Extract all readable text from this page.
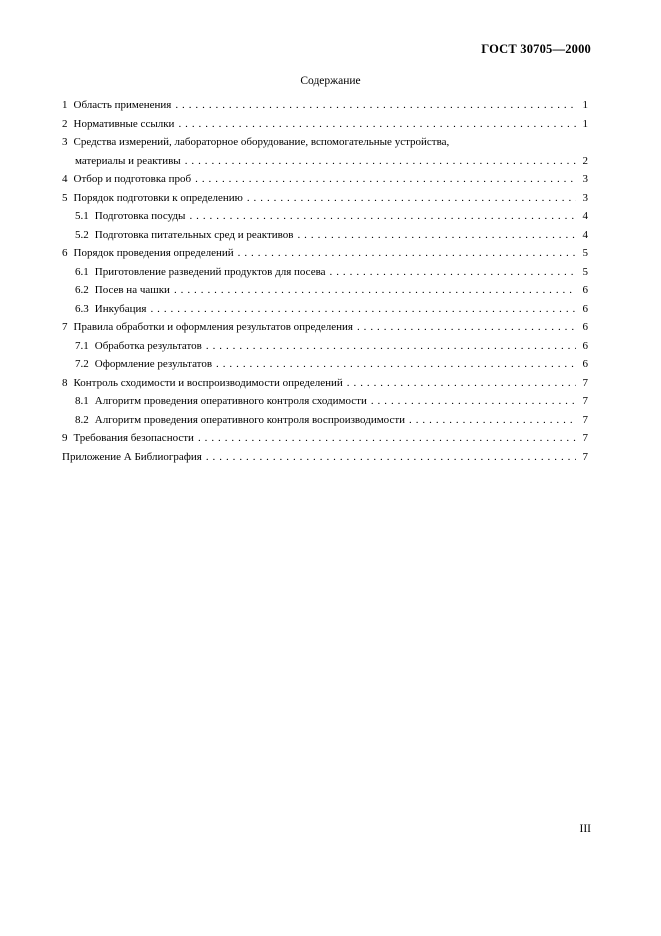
ГОСТ 30705—2000
Содержание
1 Область применения . . .	1
2 Нормативные ссылки . . .	1
3 Средства измерений, лабораторное оборудование, вспомогательные устройства,
материалы и реактивы . . .	2
4 Отбор и подготовка проб . . .	3
5 Порядок подготовки к определению . . .	3
5.1 Подготовка посуды . . .	4
5.2 Подготовка питательных сред и реактивов . . .	4
6 Порядок проведения определений . . .	5
6.1 Приготовление разведений продуктов для посева . . .	5
6.2 Посев на чашки . . .	6
6.3 Инкубация . . .	6
7 Правила обработки и оформления результатов определения . . .	6
7.1 Обработка результатов . . .	6
7.2 Оформление результатов . . .	6
8 Контроль сходимости и воспроизводимости определений . . .	7
8.1 Алгоритм проведения оперативного контроля сходимости . . .	7
8.2 Алгоритм проведения оперативного контроля воспроизводимости . . .	7
9 Требования безопасности . . .	7
Приложение А Библиография . . .	7
III
